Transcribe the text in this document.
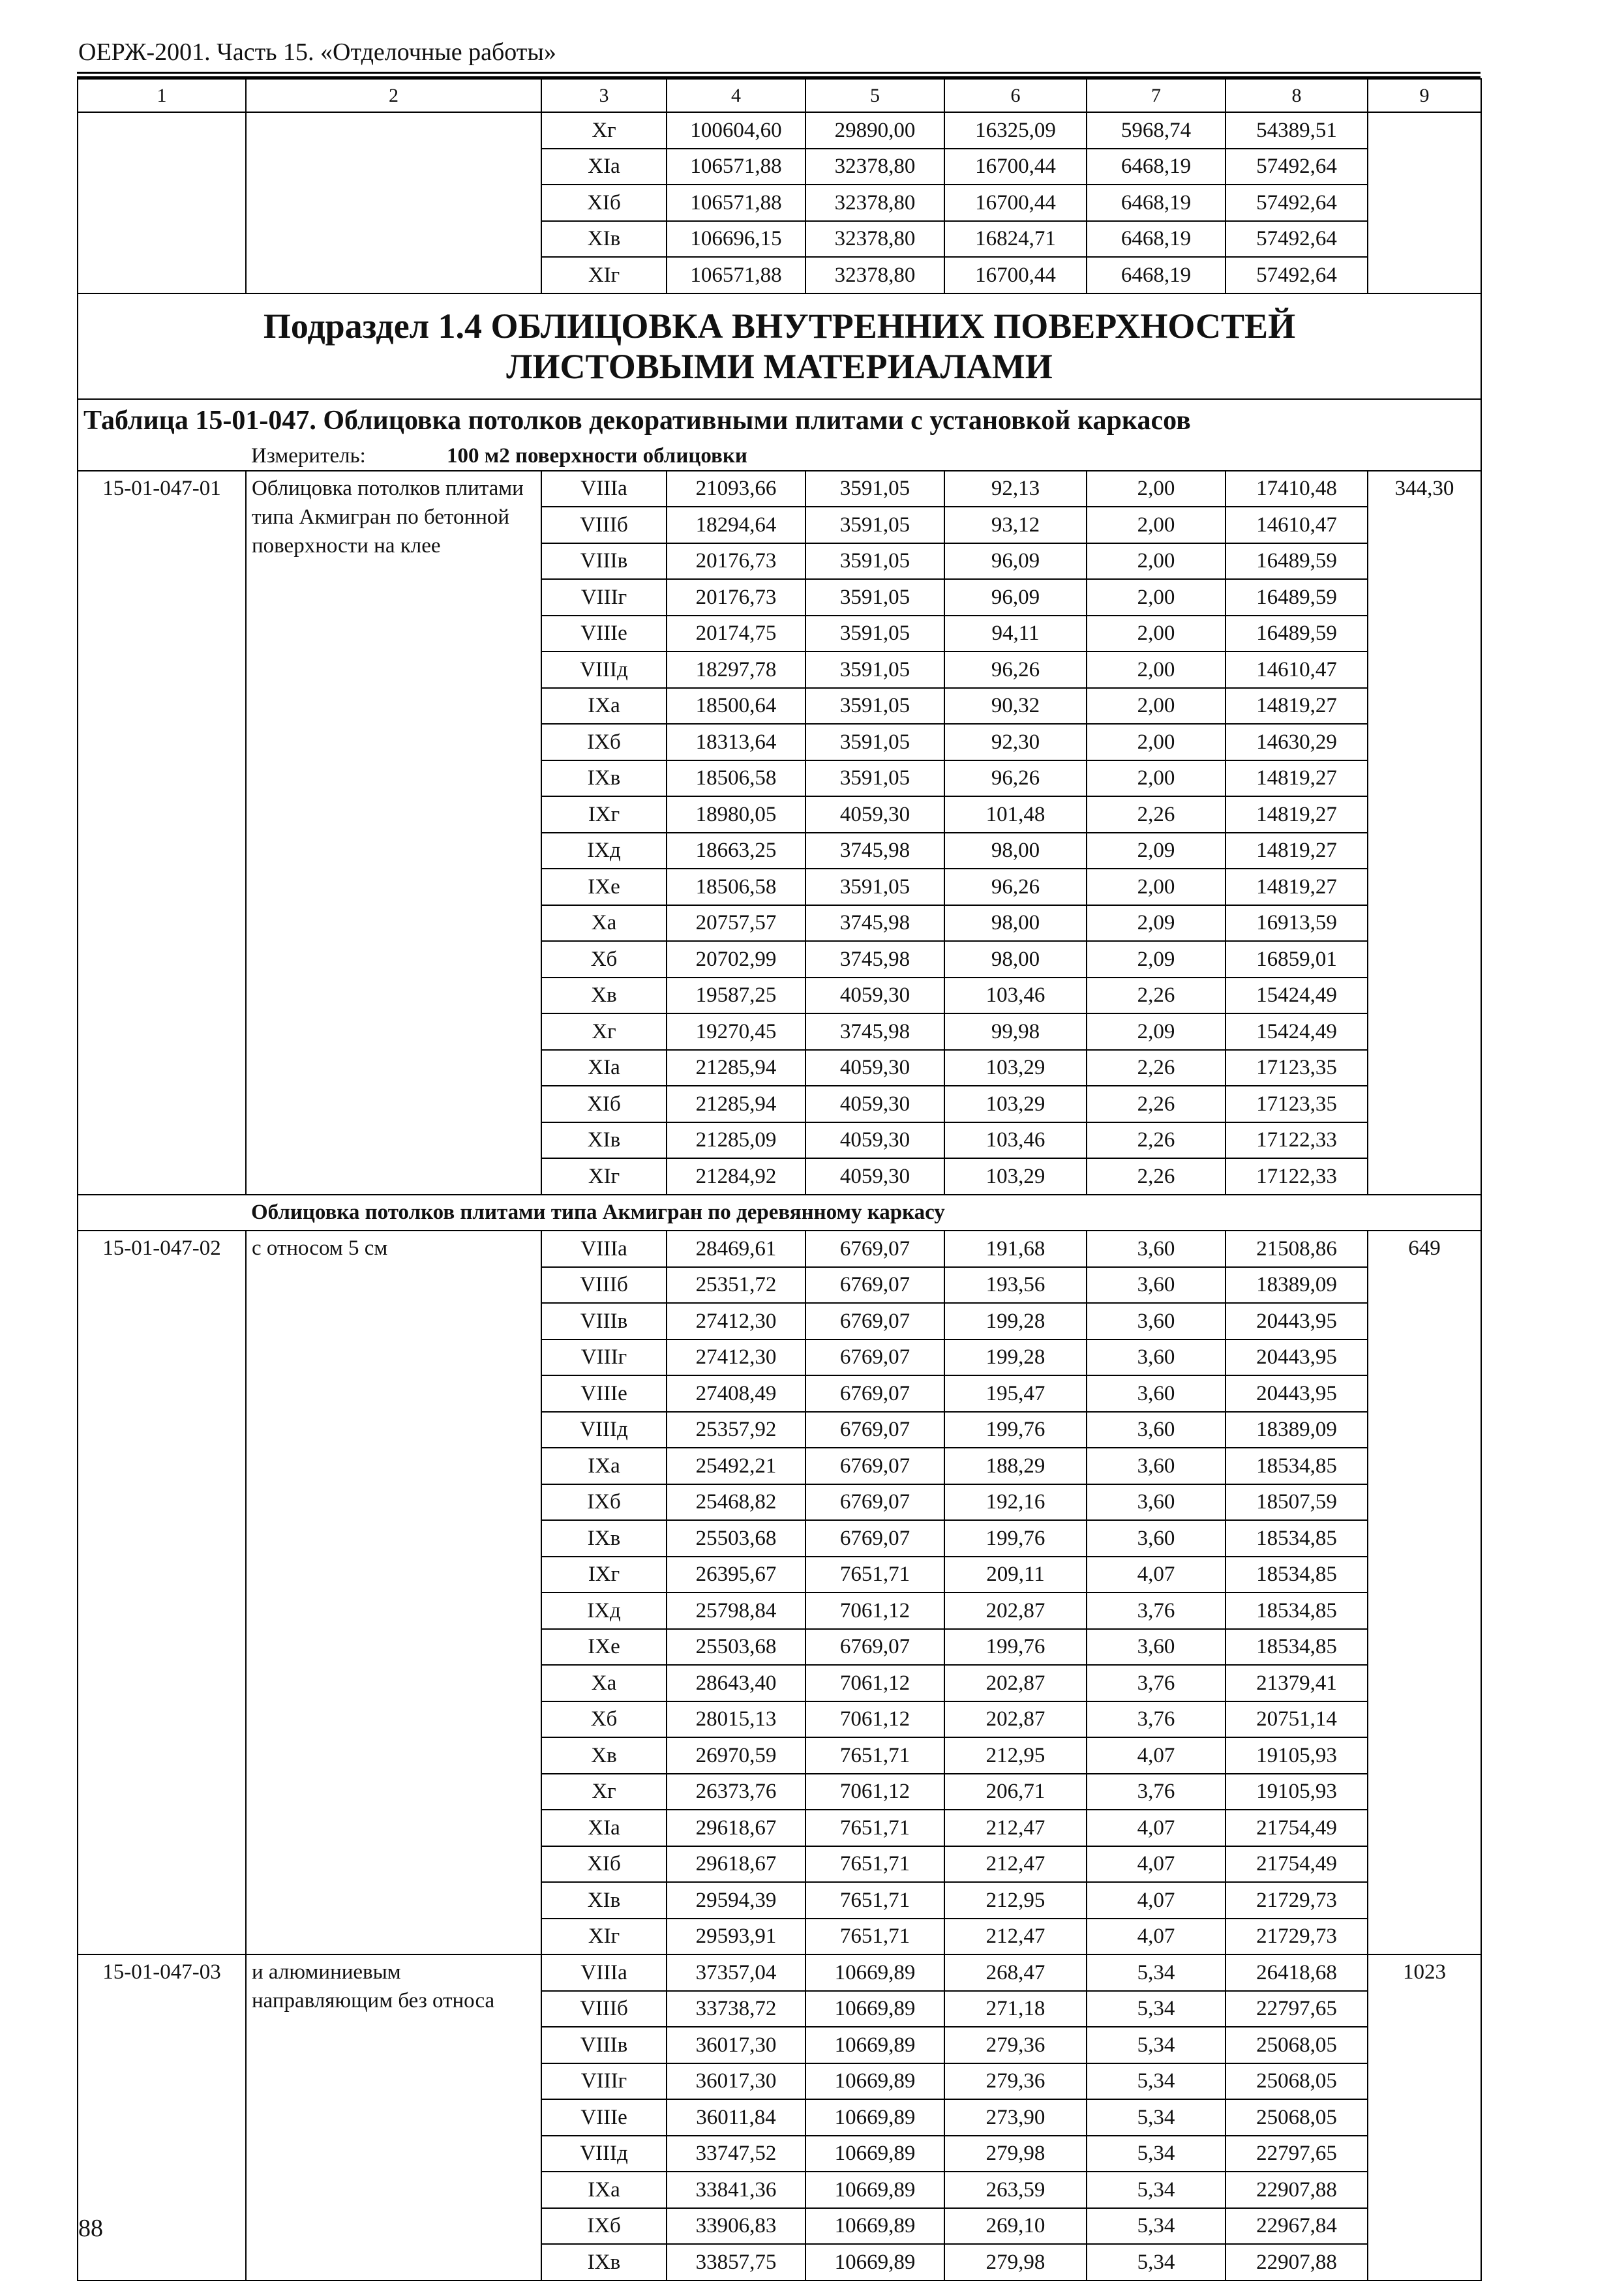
ОЕРЖ-2001. Часть 15. «Отделочные работы»
1	2	3	4	5	6	7	8	9
		Xг	100604,60	29890,00	16325,09	5968,74	54389,51	
		XIа	106571,88	32378,80	16700,44	6468,19	57492,64	
		XIб	106571,88	32378,80	16700,44	6468,19	57492,64	
		XIв	106696,15	32378,80	16824,71	6468,19	57492,64	
		XIг	106571,88	32378,80	16700,44	6468,19	57492,64	

Подраздел 1.4 ОБЛИЦОВКА ВНУТРЕННИХ ПОВЕРХНОСТЕЙ
ЛИСТОВЫМИ МАТЕРИАЛАМИ								

Таблица 15-01-047. Облицовка потолков декоративными плитами с установкой каркасов								
	Измеритель: 100 м2 поверхности облицовки							
15-01-047-01	Облицовка потолков плитами типа Акмигран по бетонной поверхности на клее	VIIIа	21093,66	3591,05	92,13	2,00	17410,48	344,30
		VIIIб	18294,64	3591,05	93,12	2,00	14610,47	
		VIIIв	20176,73	3591,05	96,09	2,00	16489,59	
		VIIIг	20176,73	3591,05	96,09	2,00	16489,59	
		VIIIе	20174,75	3591,05	94,11	2,00	16489,59	
		VIIIд	18297,78	3591,05	96,26	2,00	14610,47	
		IXа	18500,64	3591,05	90,32	2,00	14819,27	
		IXб	18313,64	3591,05	92,30	2,00	14630,29	
		IXв	18506,58	3591,05	96,26	2,00	14819,27	
		IXг	18980,05	4059,30	101,48	2,26	14819,27	
		IXд	18663,25	3745,98	98,00	2,09	14819,27	
		IXе	18506,58	3591,05	96,26	2,00	14819,27	
		Xа	20757,57	3745,98	98,00	2,09	16913,59	
		Xб	20702,99	3745,98	98,00	2,09	16859,01	
		Xв	19587,25	4059,30	103,46	2,26	15424,49	
		Xг	19270,45	3745,98	99,98	2,09	15424,49	
		XIа	21285,94	4059,30	103,29	2,26	17123,35	
		XIб	21285,94	4059,30	103,29	2,26	17123,35	
		XIв	21285,09	4059,30	103,46	2,26	17122,33	
		XIг	21284,92	4059,30	103,29	2,26	17122,33	
	Облицовка потолков плитами типа Акмигран по деревянному каркасу							
15-01-047-02	с относом 5 см	VIIIа	28469,61	6769,07	191,68	3,60	21508,86	649
		VIIIб	25351,72	6769,07	193,56	3,60	18389,09	
		VIIIв	27412,30	6769,07	199,28	3,60	20443,95	
		VIIIг	27412,30	6769,07	199,28	3,60	20443,95	
		VIIIе	27408,49	6769,07	195,47	3,60	20443,95	
		VIIIд	25357,92	6769,07	199,76	3,60	18389,09	
		IXа	25492,21	6769,07	188,29	3,60	18534,85	
		IXб	25468,82	6769,07	192,16	3,60	18507,59	
		IXв	25503,68	6769,07	199,76	3,60	18534,85	
		IXг	26395,67	7651,71	209,11	4,07	18534,85	
		IXд	25798,84	7061,12	202,87	3,76	18534,85	
		IXе	25503,68	6769,07	199,76	3,60	18534,85	
		Xа	28643,40	7061,12	202,87	3,76	21379,41	
		Xб	28015,13	7061,12	202,87	3,76	20751,14	
		Xв	26970,59	7651,71	212,95	4,07	19105,93	
		Xг	26373,76	7061,12	206,71	3,76	19105,93	
		XIа	29618,67	7651,71	212,47	4,07	21754,49	
		XIб	29618,67	7651,71	212,47	4,07	21754,49	
		XIв	29594,39	7651,71	212,95	4,07	21729,73	
		XIг	29593,91	7651,71	212,47	4,07	21729,73	
15-01-047-03	и алюминиевым направляющим без относа	VIIIа	37357,04	10669,89	268,47	5,34	26418,68	1023
		VIIIб	33738,72	10669,89	271,18	5,34	22797,65	
		VIIIв	36017,30	10669,89	279,36	5,34	25068,05	
		VIIIг	36017,30	10669,89	279,36	5,34	25068,05	
		VIIIе	36011,84	10669,89	273,90	5,34	25068,05	
		VIIIд	33747,52	10669,89	279,98	5,34	22797,65	
		IXа	33841,36	10669,89	263,59	5,34	22907,88	
		IXб	33906,83	10669,89	269,10	5,34	22967,84	
		IXв	33857,75	10669,89	279,98	5,34	22907,88	
88
